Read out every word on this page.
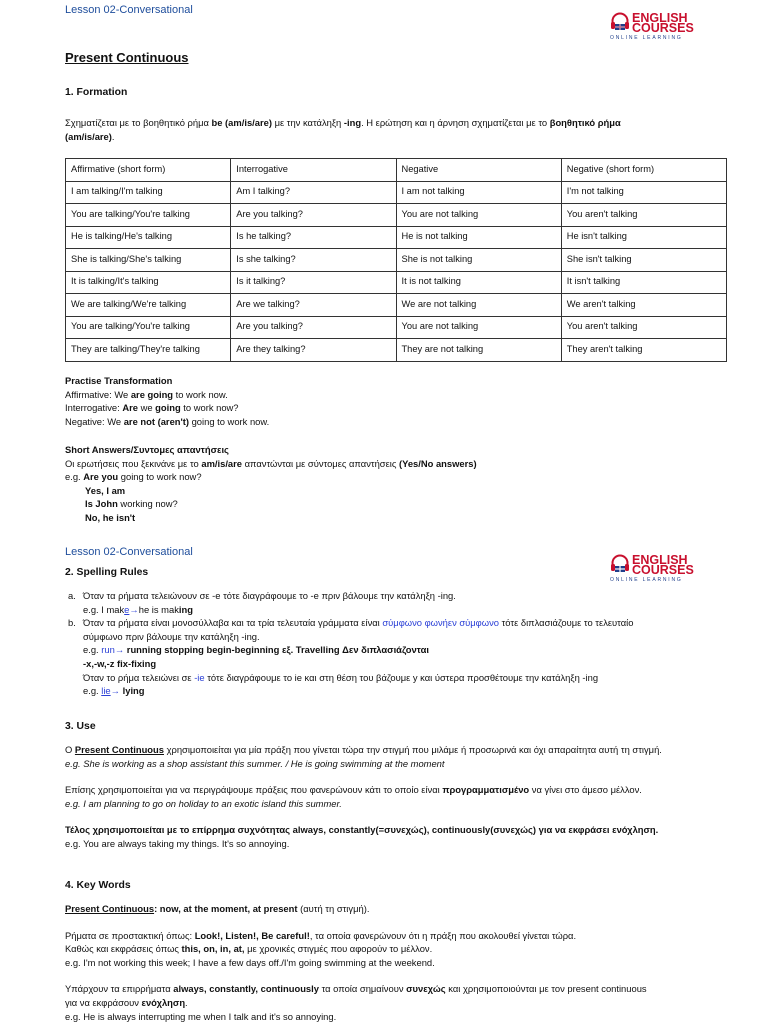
Lesson 02-Conversational
ENGLISH
COURSES
ONLINE LEARNING
Present Continuous
1. Formation
Σχηματίζεται με το βοηθητικό ρήμα be (am/is/are) με την κατάληξη -ing. Η ερώτηση και η άρνηση σχηματίζεται με το βοηθητικό ρήμα
(am/is/are).
Affirmative (short form)	Interrogative	Negative	Negative (short form)
I am talking/I'm talking	Am I talking?	I am not talking	I'm not talking
You are talking/You're talking	Are you talking?	You are not talking	You aren't talking
He is talking/He's talking	Is he talking?	He is not talking	He isn't talking
She is talking/She's talking	Is she talking?	She is not talking	She isn't talking
It is talking/It's talking	Is it talking?	It is not talking	It isn't talking
We are talking/We're talking	Are we talking?	We are not talking	We aren't talking
You are talking/You're talking	Are you talking?	You are not talking	You aren't talking
They are talking/They're talking	Are they talking?	They are not talking	They aren't talking
Practise Transformation
Affirmative: We are going to work now.
Interrogative: Are we going to work now?
Negative: We are not (aren't) going to work now.
Short Answers/Συντομες απαντήσεις
Οι ερωτήσεις που ξεκινάνε με το am/is/are απαντώνται με σύντομες απαντήσεις (Yes/No answers)
e.g. Are you going to work now?
Yes, I am
Is John working now?
No, he isn't
Lesson 02-Conversational
ENGLISH
COURSES
ONLINE LEARNING
2. Spelling Rules
a. Όταν τα ρήματα τελειώνουν σε -e τότε διαγράφουμε το -e πριν βάλουμε την κατάληξη -ing.
e.g. I make→he is making
b. Όταν τα ρήματα είναι μονοσύλλαβα και τα τρία τελευταία γράμματα είναι σύμφωνο φωνήεν σύμφωνο τότε διπλασιάζουμε το τελευταίο
σύμφωνο πριν βάλουμε την κατάληξη -ing.
e.g. run→ running stopping begin-beginning εξ. Travelling Δεν διπλασιάζονται
-x,-w,-z fix-fixing
Όταν το ρήμα τελειώνει σε -ie τότε διαγράφουμε το ie και στη θέση του βάζουμε y και ύστερα προσθέτουμε την κατάληξη -ing
e.g. lie→ lying
3. Use
Ο Present Continuous χρησιμοποιείται για μία πράξη που γίνεται τώρα την στιγμή που μιλάμε ή προσωρινά και όχι απαραίτητα αυτή τη στιγμή.
e.g. She is working as a shop assistant this summer. / He is going swimming at the moment
Επίσης χρησιμοποιείται για να περιγράψουμε πράξεις που φανερώνουν κάτι το οποίο είναι προγραμματισμένο να γίνει στο άμεσο μέλλον.
e.g. I am planning to go on holiday to an exotic island this summer.
Τέλος χρησιμοποιείται με το επίρρημα συχνότητας always, constantly(=συνεχώς), continuously(συνεχώς) για να εκφράσει ενόχληση.
e.g. You are always taking my things. It's so annoying.
4. Key Words
Present Continuous: now, at the moment, at present (αυτή τη στιγμή).
Ρήματα σε προστακτική όπως: Look!, Listen!, Be careful!, τα οποία φανερώνουν ότι η πράξη που ακολουθεί γίνεται τώρα.
Καθώς και εκφράσεις όπως this, on, in, at, με χρονικές στιγμές που αφορούν το μέλλον.
e.g. I'm not working this week; I have a few days off./I'm going swimming at the weekend.
Υπάρχουν τα επιρρήματα always, constantly, continuously τα οποία σημαίνουν συνεχώς και χρησιμοποιούνται με τον present continuous
για να εκφράσουν ενόχληση.
e.g. He is always interrupting me when I talk and it's so annoying.
